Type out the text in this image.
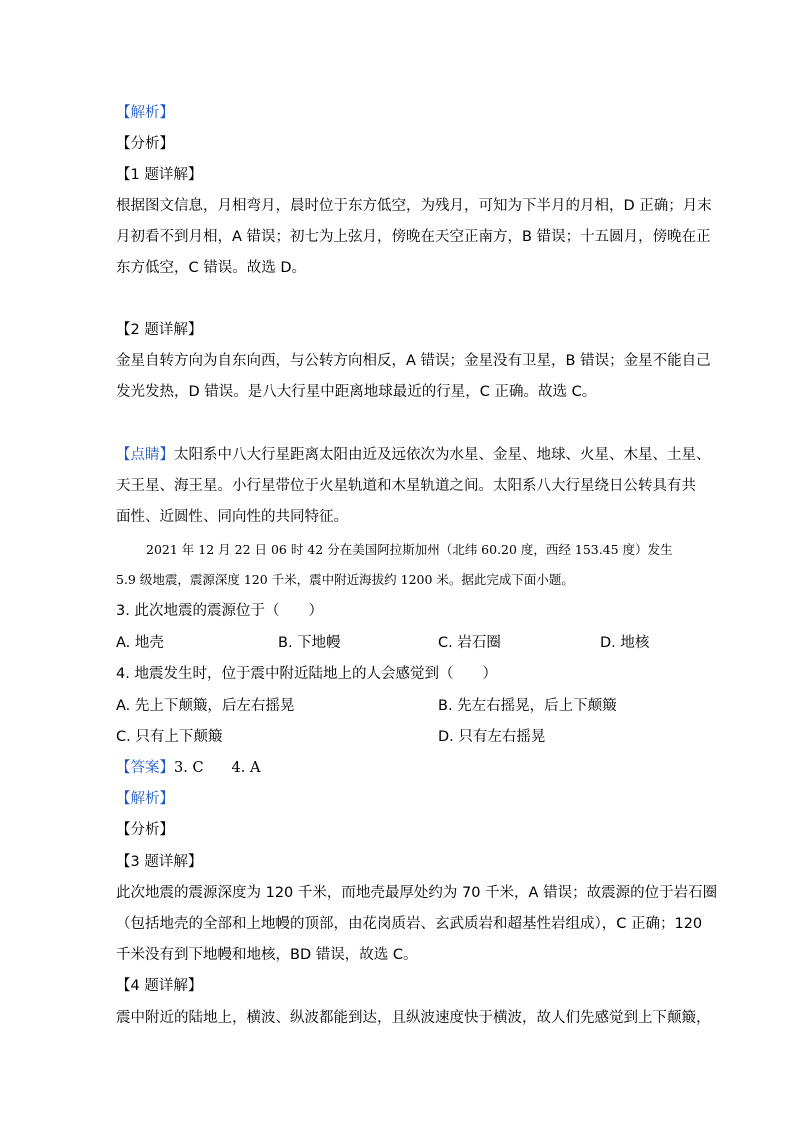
【解析】
【分析】
【1 题详解】
根据图文信息，月相弯月，晨时位于东方低空，为残月，可知为下半月的月相，D 正确；月末
月初看不到月相，A 错误；初七为上弦月，傍晚在天空正南方，B 错误；十五圆月，傍晚在正
东方低空，C 错误。故选 D。
【2 题详解】
金星自转方向为自东向西，与公转方向相反，A 错误；金星没有卫星，B 错误；金星不能自己
发光发热，D 错误。是八大行星中距离地球最近的行星，C 正确。故选 C。
【点睛】太阳系中八大行星距离太阳由近及远依次为水星、金星、地球、火星、木星、土星、
天王星、海王星。小行星带位于火星轨道和木星轨道之间。太阳系八大行星绕日公转具有共
面性、近圆性、同向性的共同特征。
2021 年 12 月 22 日 06 时 42 分在美国阿拉斯加州（北纬 60.20 度，西经 153.45 度）发生
5.9 级地震，震源深度 120 千米，震中附近海拔约 1200 米。据此完成下面小题。
3. 此次地震的震源位于（　　）
A. 地壳	B. 下地幔	C. 岩石圈	D. 地核
4. 地震发生时，位于震中附近陆地上的人会感觉到（　　）
A. 先上下颠簸，后左右摇晃	B. 先左右摇晃，后上下颠簸
C. 只有上下颠簸	D. 只有左右摇晃
【答案】3. C 4. A
【解析】
【分析】
【3 题详解】
此次地震的震源深度为 120 千米，而地壳最厚处约为 70 千米，A 错误；故震源的位于岩石圈
（包括地壳的全部和上地幔的顶部，由花岗质岩、玄武质岩和超基性岩组成），C 正确；120
千米没有到下地幔和地核，BD 错误，故选 C。
【4 题详解】
震中附近的陆地上，横波、纵波都能到达，且纵波速度快于横波，故人们先感觉到上下颠簸，
